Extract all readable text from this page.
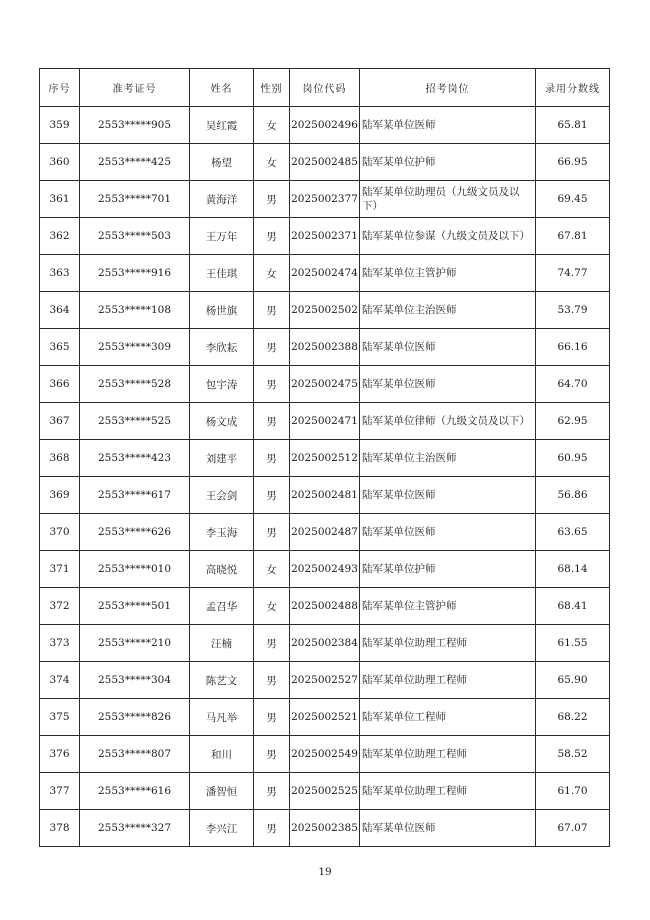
序号	准考证号	姓名	性别	岗位代码	招考岗位	录用分数线
359	2553*****905	吴红霞	女	2025002496	陆军某单位医师	65.81
360	2553*****425	杨望	女	2025002485	陆军某单位护师	66.95
361	2553*****701	黄海洋	男	2025002377	陆军某单位助理员（九级文员及以下）	69.45
362	2553*****503	王万年	男	2025002371	陆军某单位参谋（九级文员及以下）	67.81
363	2553*****916	王佳琪	女	2025002474	陆军某单位主管护师	74.77
364	2553*****108	杨世旗	男	2025002502	陆军某单位主治医师	53.79
365	2553*****309	李欣耘	男	2025002388	陆军某单位医师	66.16
366	2553*****528	包宇涛	男	2025002475	陆军某单位医师	64.70
367	2553*****525	杨文成	男	2025002471	陆军某单位律师（九级文员及以下）	62.95
368	2553*****423	刘建平	男	2025002512	陆军某单位主治医师	60.95
369	2553*****617	王会剑	男	2025002481	陆军某单位医师	56.86
370	2553*****626	李玉海	男	2025002487	陆军某单位医师	63.65
371	2553*****010	高晓悦	女	2025002493	陆军某单位护师	68.14
372	2553*****501	孟召华	女	2025002488	陆军某单位主管护师	68.41
373	2553*****210	汪楠	男	2025002384	陆军某单位助理工程师	61.55
374	2553*****304	陈艺文	男	2025002527	陆军某单位助理工程师	65.90
375	2553*****826	马凡举	男	2025002521	陆军某单位工程师	68.22
376	2553*****807	和川	男	2025002549	陆军某单位助理工程师	58.52
377	2553*****616	潘智恒	男	2025002525	陆军某单位助理工程师	61.70
378	2553*****327	李兴江	男	2025002385	陆军某单位医师	67.07
19
